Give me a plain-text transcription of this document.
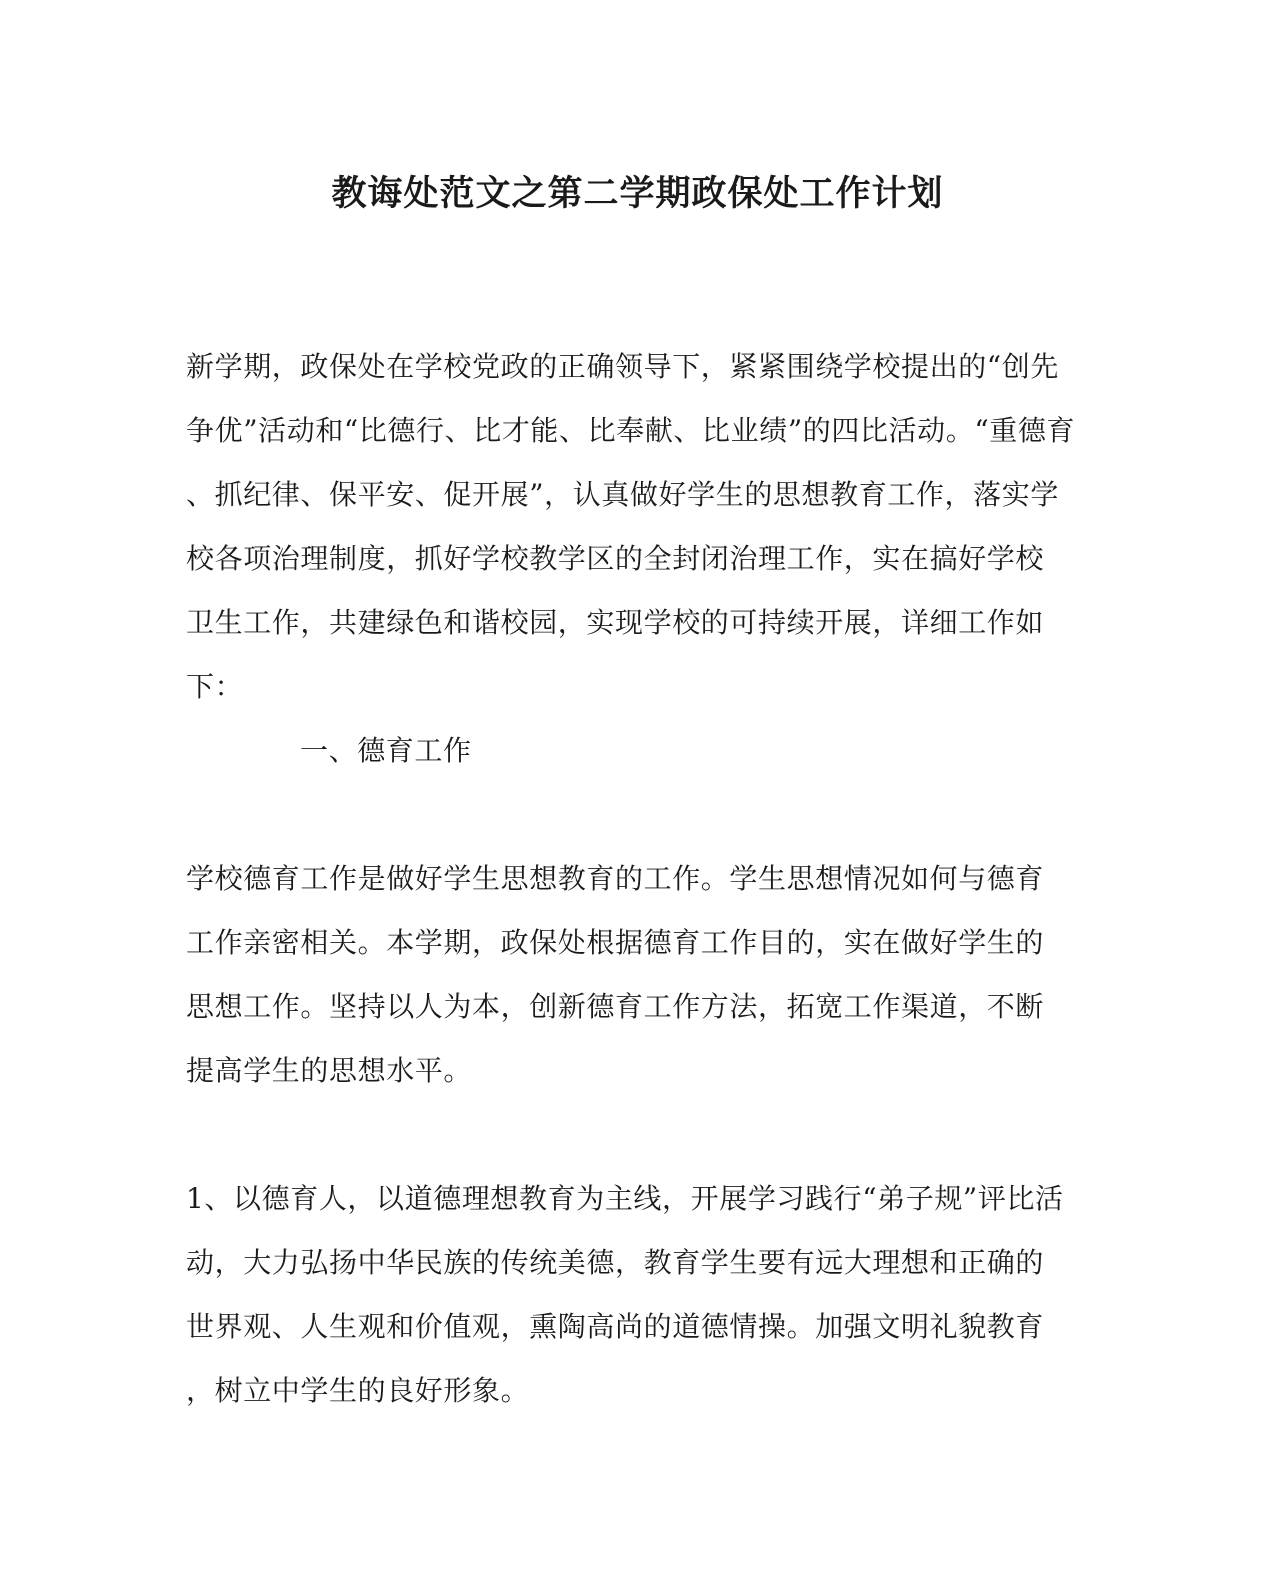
教诲处范文之第二学期政保处工作计划
新学期，政保处在学校党政的正确领导下，紧紧围绕学校提出的“创先
争优”活动和“比德行、比才能、比奉献、比业绩”的四比活动。“重德育
、抓纪律、保平安、促开展”，认真做好学生的思想教育工作，落实学
校各项治理制度，抓好学校教学区的全封闭治理工作，实在搞好学校
卫生工作，共建绿色和谐校园，实现学校的可持续开展，详细工作如
下：
一、德育工作
学校德育工作是做好学生思想教育的工作。学生思想情况如何与德育
工作亲密相关。本学期，政保处根据德育工作目的，实在做好学生的
思想工作。坚持以人为本，创新德育工作方法，拓宽工作渠道，不断
提高学生的思想水平。
1、以德育人，以道德理想教育为主线，开展学习践行“弟子规”评比活
动，大力弘扬中华民族的传统美德，教育学生要有远大理想和正确的
世界观、人生观和价值观，熏陶高尚的道德情操。加强文明礼貌教育
，树立中学生的良好形象。
